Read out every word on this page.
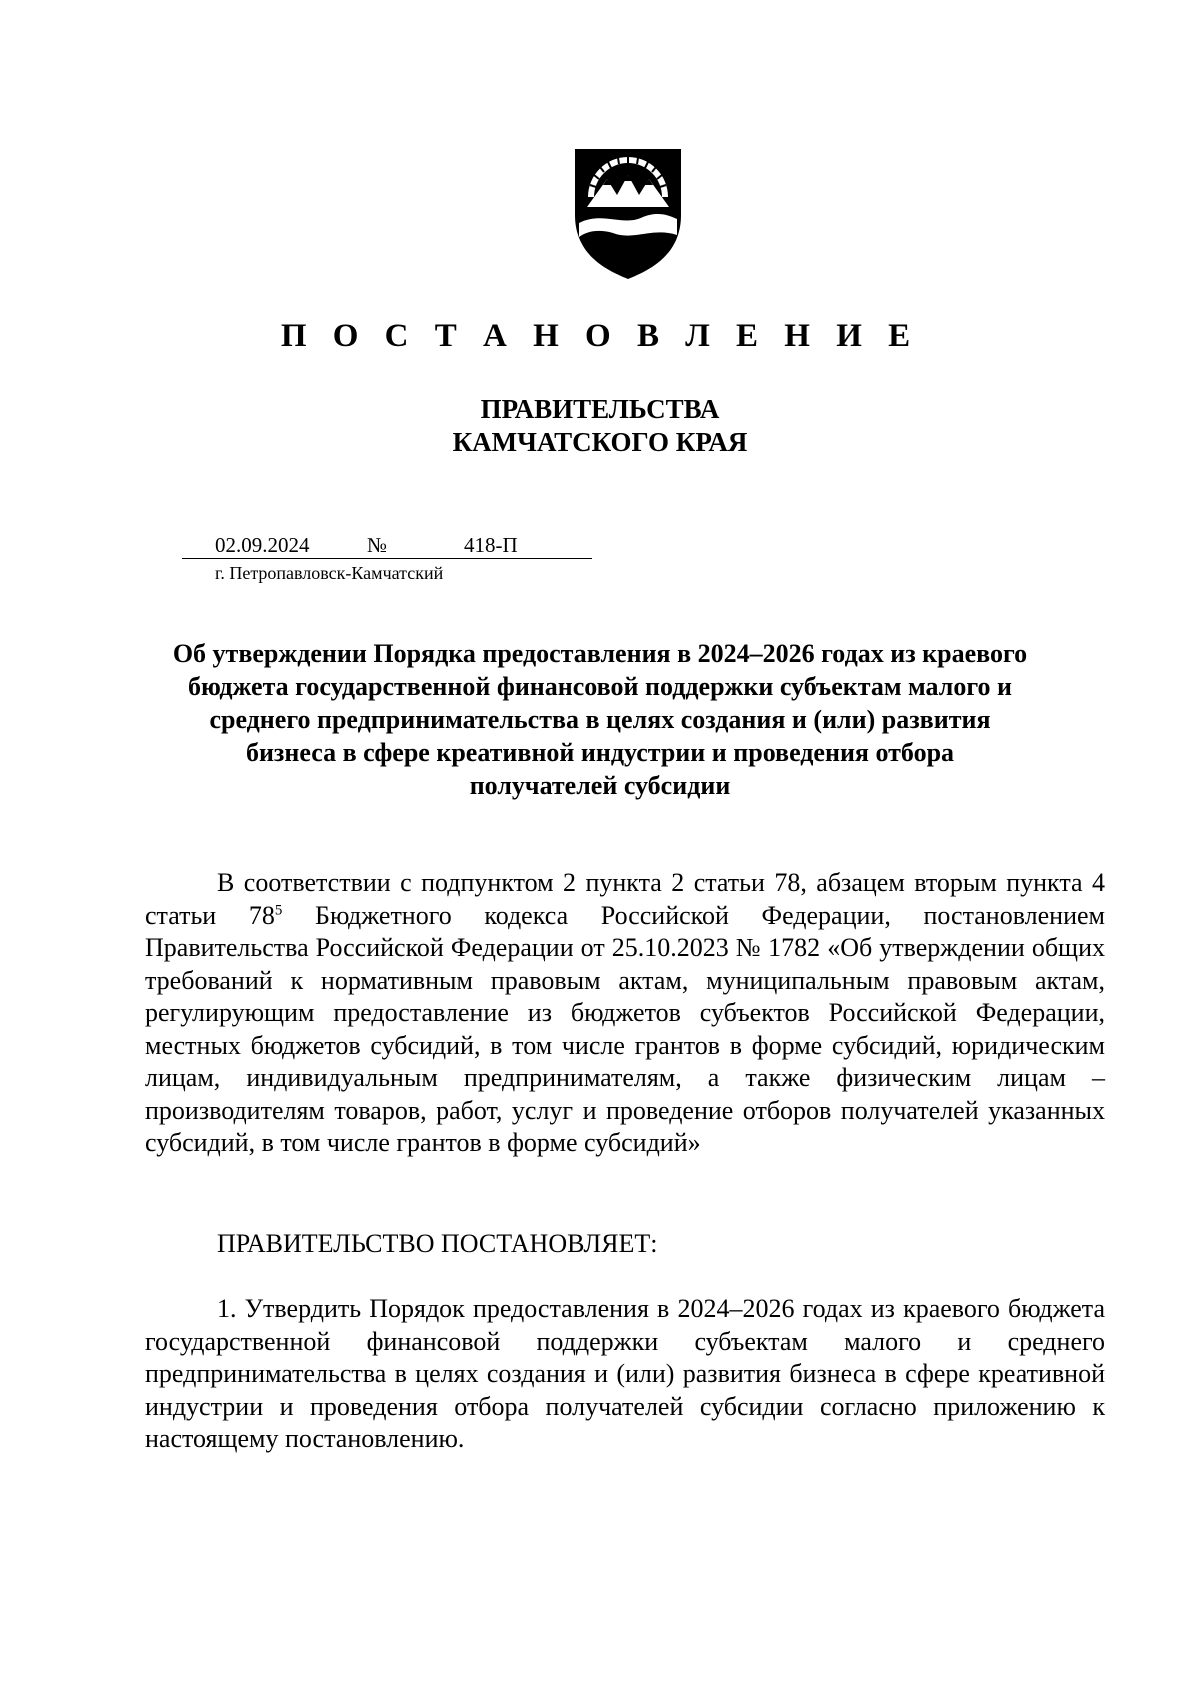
П О С Т А Н О В Л Е Н И Е
ПРАВИТЕЛЬСТВА
КАМЧАТСКОГО КРАЯ
02.09.2024	№	418-П
г. Петропавловск-Камчатский
Об утверждении Порядка предоставления в 2024–2026 годах из краевого
бюджета государственной финансовой поддержки субъектам малого и
среднего предпринимательства в целях создания и (или) развития
бизнеса в сфере креативной индустрии и проведения отбора
получателей субсидии

В соответствии с подпунктом 2 пункта 2 статьи 78, абзацем вторым пункта 4 статьи $78^5$ Бюджетного кодекса Российской Федерации, постановлением Правительства Российской Федерации от 25.10.2023 № 1782 «Об утверждении общих требований к нормативным правовым актам, муниципальным правовым актам, регулирующим предоставление из бюджетов субъектов Российской Федерации, местных бюджетов субсидий, в том числе грантов в форме субсидий, юридическим лицам, индивидуальным предпринимателям, а также физическим лицам – производителям товаров, работ, услуг и проведение отборов получателей указанных субсидий, в том числе грантов в форме субсидий»

ПРАВИТЕЛЬСТВО ПОСТАНОВЛЯЕТ:

1. Утвердить Порядок предоставления в 2024–2026 годах из краевого бюджета государственной финансовой поддержки субъектам малого и среднего предпринимательства в целях создания и (или) развития бизнеса в сфере креативной индустрии и проведения отбора получателей субсидии согласно приложению к настоящему постановлению.
